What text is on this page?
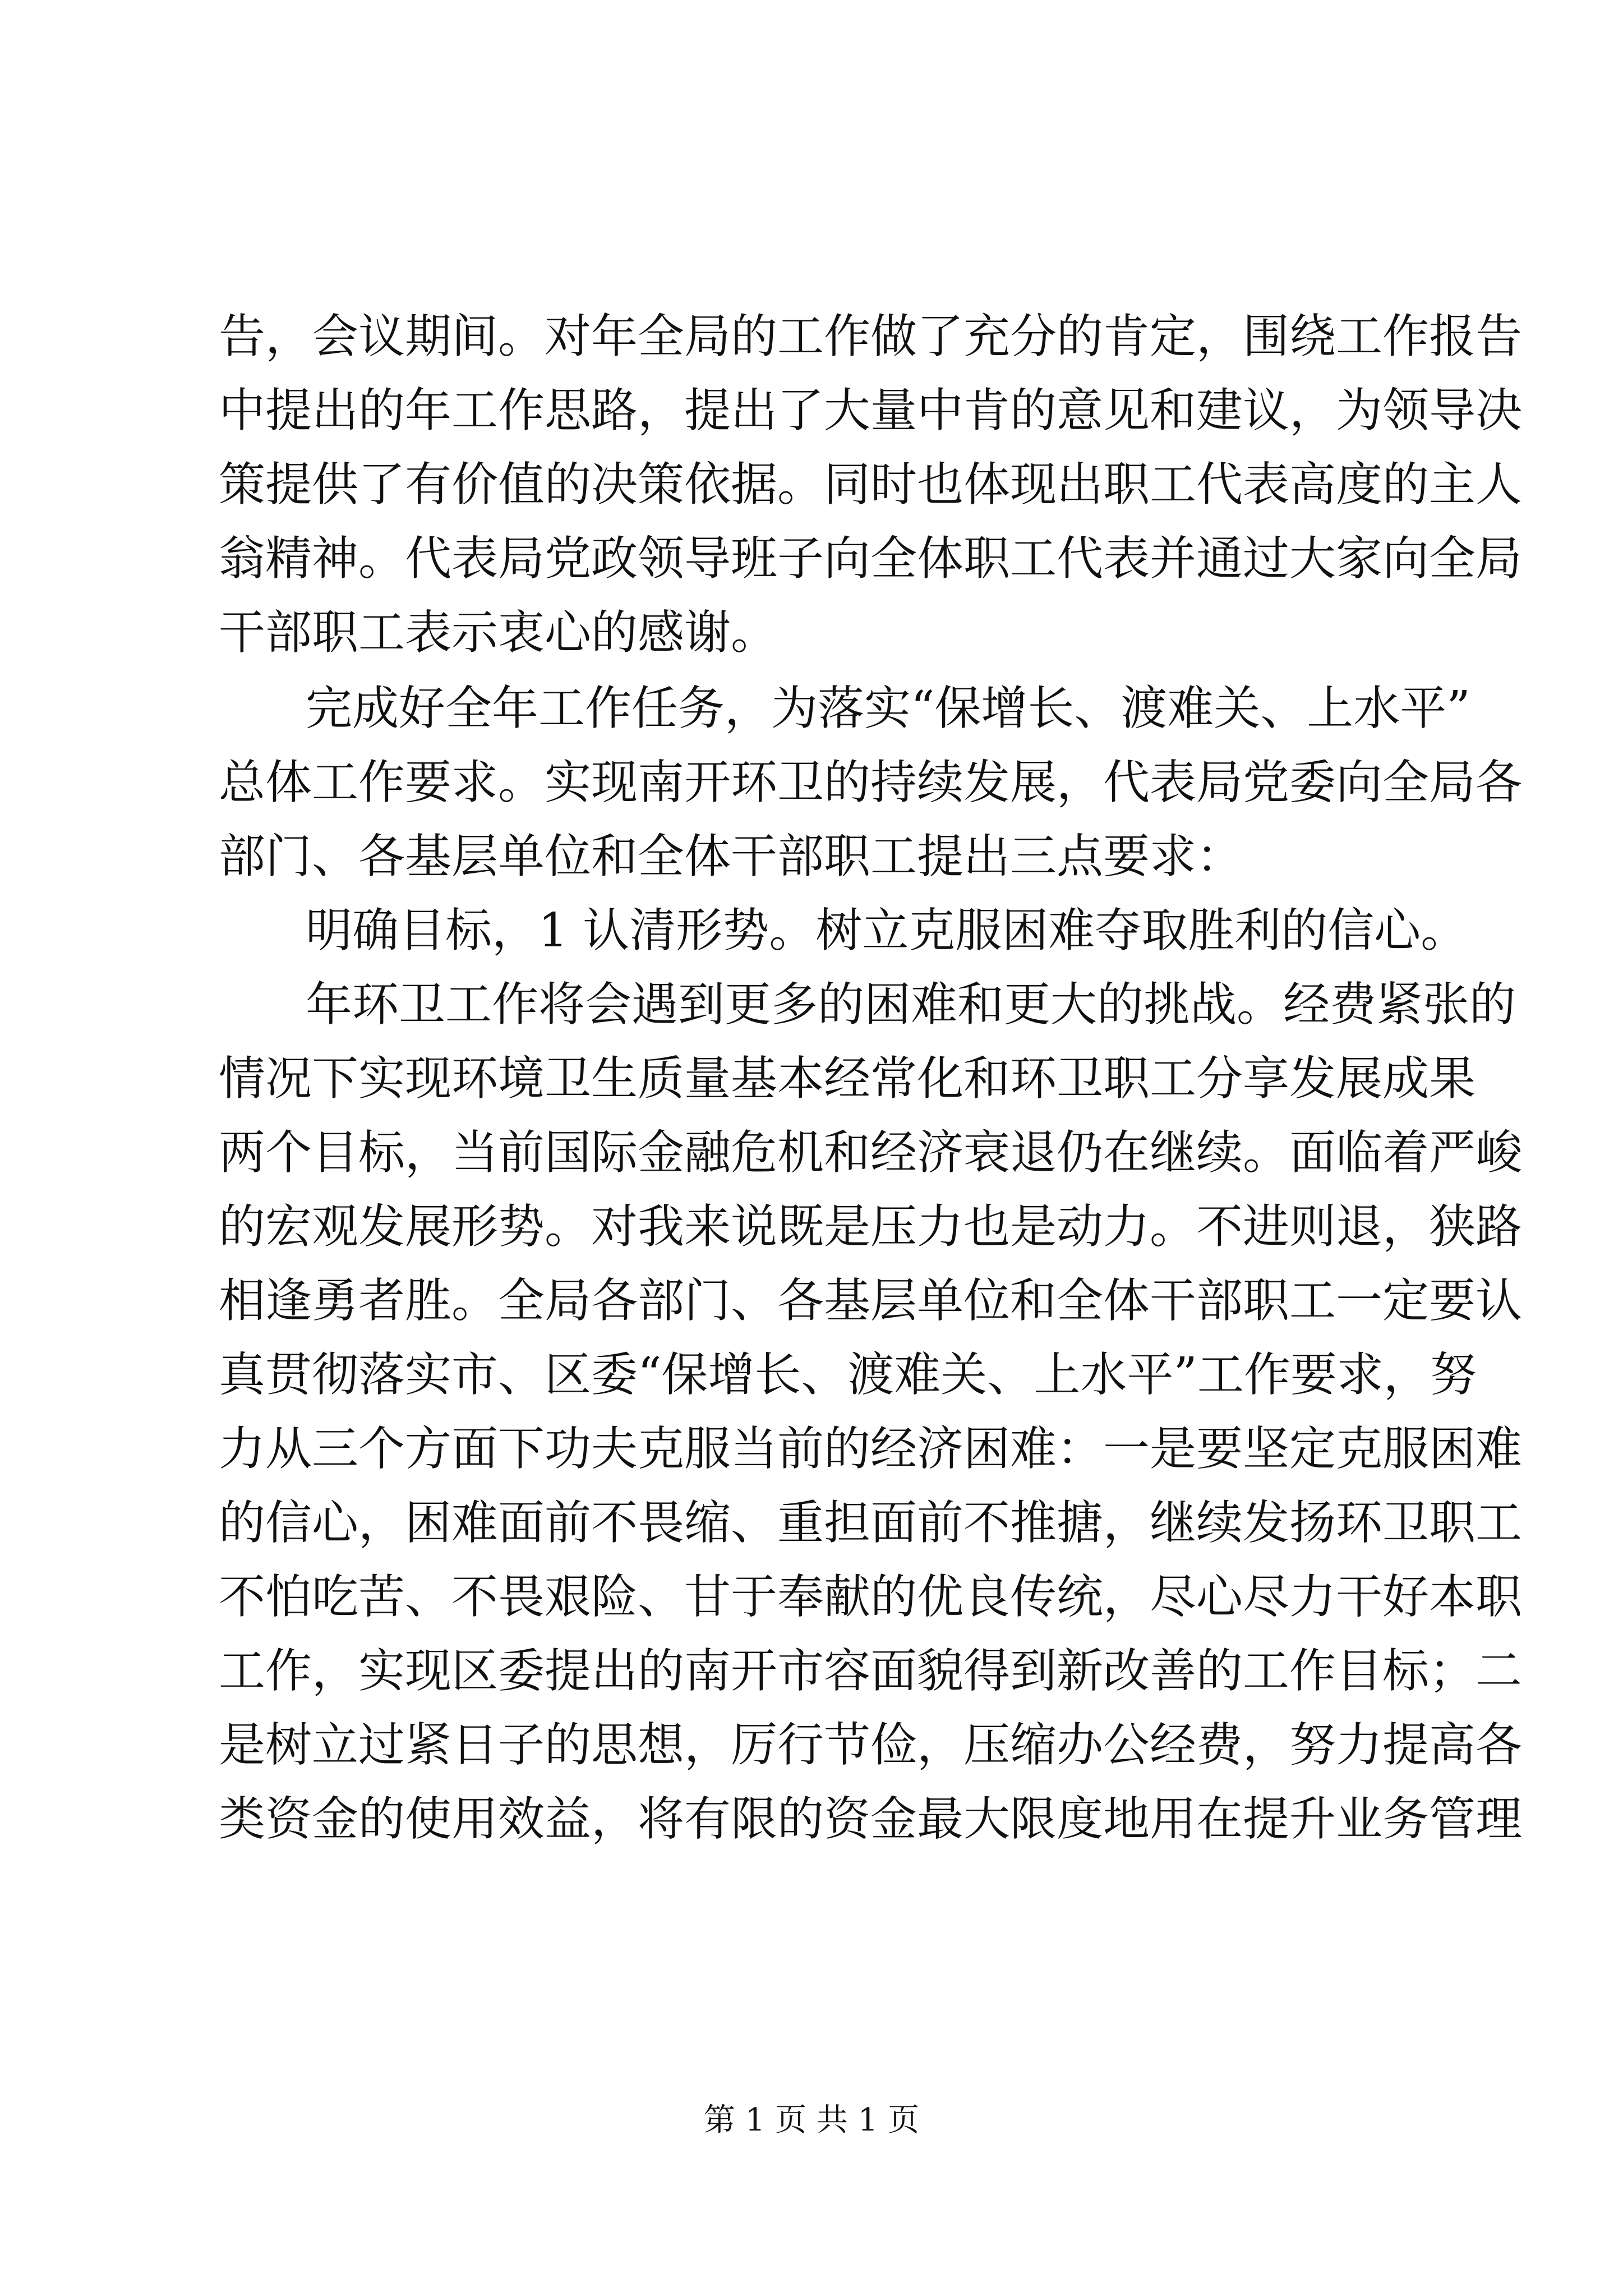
告，会议期间。对年全局的工作做了充分的肯定，围绕工作报告
中提出的年工作思路，提出了大量中肯的意见和建议，为领导决
策提供了有价值的决策依据。同时也体现出职工代表高度的主人
翁精神。代表局党政领导班子向全体职工代表并通过大家向全局
干部职工表示衷心的感谢。
完成好全年工作任务，为落实“保增长、渡难关、上水平”
总体工作要求。实现南开环卫的持续发展，代表局党委向全局各
部门、各基层单位和全体干部职工提出三点要求：
明确目标，1 认清形势。树立克服困难夺取胜利的信心。
年环卫工作将会遇到更多的困难和更大的挑战。经费紧张的
情况下实现环境卫生质量基本经常化和环卫职工分享发展成果
两个目标，当前国际金融危机和经济衰退仍在继续。面临着严峻
的宏观发展形势。对我来说既是压力也是动力。不进则退，狭路
相逢勇者胜。全局各部门、各基层单位和全体干部职工一定要认
真贯彻落实市、区委“保增长、渡难关、上水平”工作要求，努
力从三个方面下功夫克服当前的经济困难：一是要坚定克服困难
的信心，困难面前不畏缩、重担面前不推搪，继续发扬环卫职工
不怕吃苦、不畏艰险、甘于奉献的优良传统，尽心尽力干好本职
工作，实现区委提出的南开市容面貌得到新改善的工作目标；二
是树立过紧日子的思想，厉行节俭，压缩办公经费，努力提高各
类资金的使用效益，将有限的资金最大限度地用在提升业务管理
第 1 页 共 1 页
